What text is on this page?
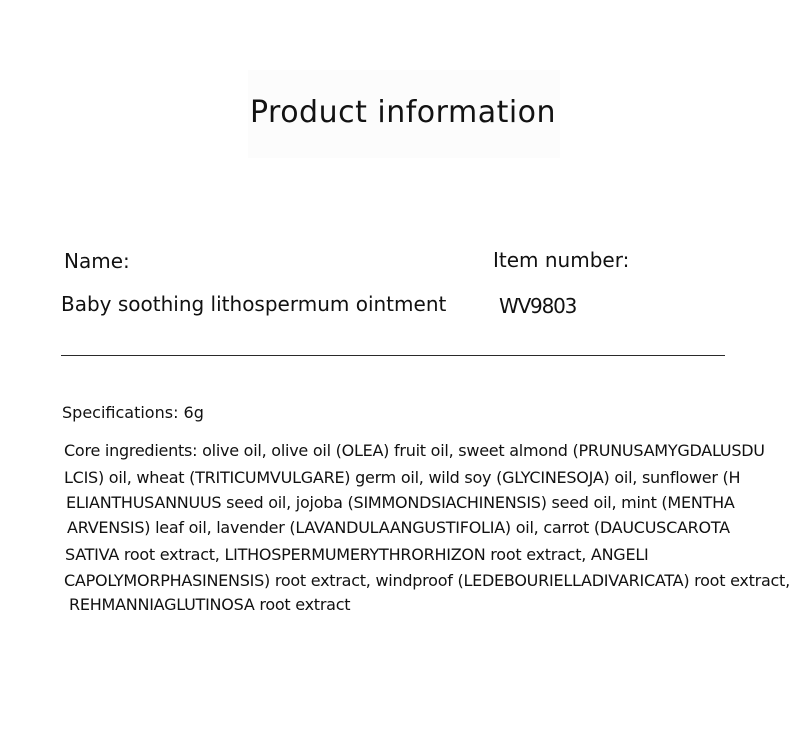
Product information
Name:	Item number:
Baby soothing lithospermum ointment	WV9803
Specifications: 6g
Core ingredients: olive oil, olive oil (OLEA) fruit oil, sweet almond (PRUNUSAMYGDALUSDU
LCIS) oil, wheat (TRITICUMVULGARE) germ oil, wild soy (GLYCINESOJA) oil, sunflower (H
ELIANTHUSANNUUS seed oil, jojoba (SIMMONDSIACHINENSIS) seed oil, mint (MENTHA
ARVENSIS) leaf oil, lavender (LAVANDULAANGUSTIFOLIA) oil, carrot (DAUCUSCAROTA
SATIVA root extract, LITHOSPERMUMERYTHRORHIZON root extract, ANGELI
CAPOLYMORPHASINENSIS) root extract, windproof (LEDEBOURIELLADIVARICATA) root extract,
REHMANNIAGLUTINOSA root extract
